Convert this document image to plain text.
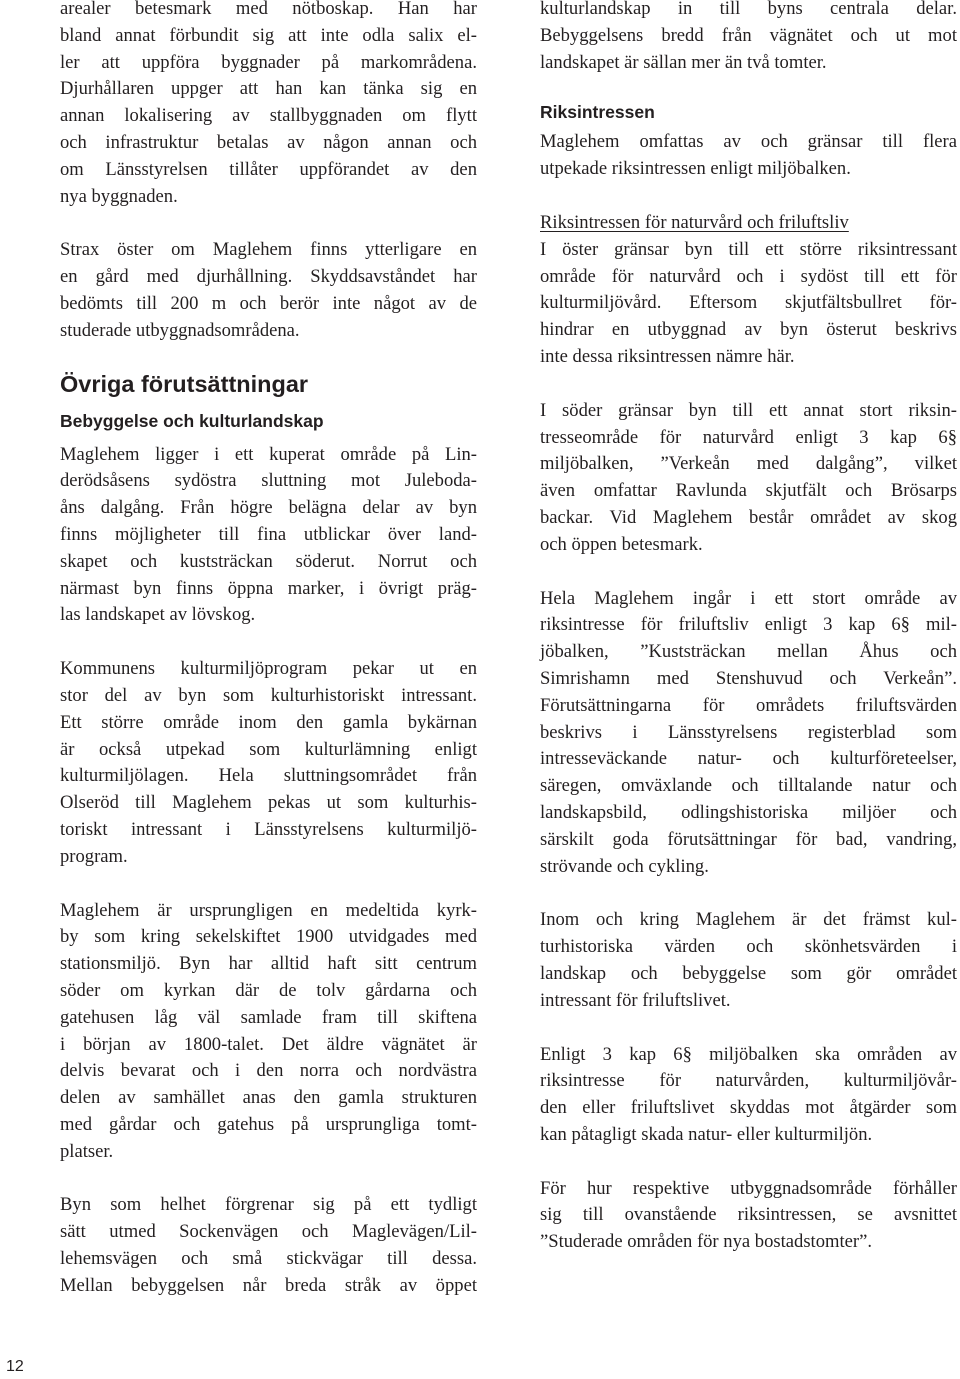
arealer betesmark med nötboskap. Han har
bland annat förbundit sig att inte odla salix el-
ler att uppföra byggnader på markområdena.
Djurhållaren uppger att han kan tänka sig en
annan lokalisering av stallbyggnaden om flytt
och infrastruktur betalas av någon annan och
om Länsstyrelsen tillåter uppförandet av den
nya byggnaden.
Strax öster om Maglehem finns ytterligare en
en gård med djurhållning. Skyddsavståndet har
bedömts till 200 m och berör inte något av de
studerade utbyggnadsområdena.
Övriga förutsättningar
Bebyggelse och kulturlandskap
Maglehem ligger i ett kuperat område på Lin-
derödsåsens sydöstra sluttning mot Juleboda-
åns dalgång. Från högre belägna delar av byn
finns möjligheter till fina utblickar över land-
skapet och kuststräckan söderut. Norrut och
närmast byn finns öppna marker, i övrigt präg-
las landskapet av lövskog.
Kommunens kulturmiljöprogram pekar ut en
stor del av byn som kulturhistoriskt intressant.
Ett större område inom den gamla bykärnan
är också utpekad som kulturlämning enligt
kulturmiljölagen. Hela sluttningsområdet från
Olseröd till Maglehem pekas ut som kulturhis-
toriskt intressant i Länsstyrelsens kulturmiljö-
program.
Maglehem är ursprungligen en medeltida kyrk-
by som kring sekelskiftet 1900 utvidgades med
stationsmiljö. Byn har alltid haft sitt centrum
söder om kyrkan där de tolv gårdarna och
gatehusen låg väl samlade fram till skiftena
i början av 1800-talet. Det äldre vägnätet är
delvis bevarat och i den norra och nordvästra
delen av samhället anas den gamla strukturen
med gårdar och gatehus på ursprungliga tomt-
platser.
Byn som helhet förgrenar sig på ett tydligt
sätt utmed Sockenvägen och Maglevägen/Lil-
lehemsvägen och små stickvägar till dessa.
Mellan bebyggelsen når breda stråk av öppet
kulturlandskap in till byns centrala delar.
Bebyggelsens bredd från vägnätet och ut mot
landskapet är sällan mer än två tomter.
Riksintressen
Maglehem omfattas av och gränsar till flera
utpekade riksintressen enligt miljöbalken.
Riksintressen för naturvård och friluftsliv
I öster gränsar byn till ett större riksintressant
område för naturvård och i sydöst till ett för
kulturmiljövård. Eftersom skjutfältsbullret för-
hindrar en utbyggnad av byn österut beskrivs
inte dessa riksintressen nämre här.
I söder gränsar byn till ett annat stort riksin-
tresseområde för naturvård enligt 3 kap 6§
miljöbalken, ”Verkeån med dalgång”, vilket
även omfattar Ravlunda skjutfält och Brösarps
backar. Vid Maglehem består området av skog
och öppen betesmark.
Hela Maglehem ingår i ett stort område av
riksintresse för friluftsliv enligt 3 kap 6§ mil-
jöbalken, ”Kuststräckan mellan Åhus och
Simrishamn med Stenshuvud och Verkeån”.
Förutsättningarna för områdets friluftsvärden
beskrivs i Länsstyrelsens registerblad som
intresseväckande natur- och kulturföreteelser,
säregen, omväxlande och tilltalande natur och
landskapsbild, odlingshistoriska miljöer och
särskilt goda förutsättningar för bad, vandring,
strövande och cykling.
Inom och kring Maglehem är det främst kul-
turhistoriska värden och skönhetsvärden i
landskap och bebyggelse som gör området
intressant för friluftslivet.
Enligt 3 kap 6§ miljöbalken ska områden av
riksintresse för naturvården, kulturmiljövår-
den eller friluftslivet skyddas mot åtgärder som
kan påtagligt skada natur- eller kulturmiljön.
För hur respektive utbyggnadsområde förhåller
sig till ovanstående riksintressen, se avsnittet
”Studerade områden för nya bostadstomter”.
12
